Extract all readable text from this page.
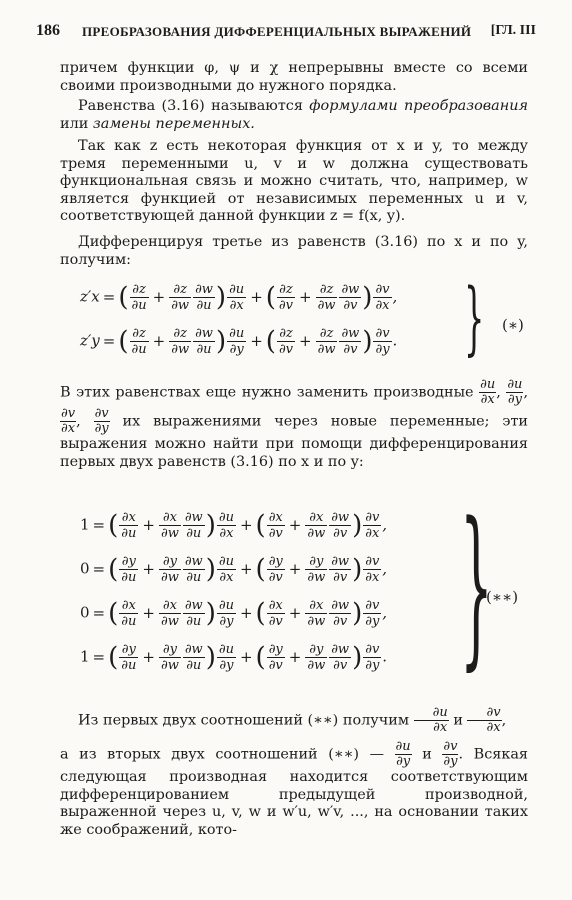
186 ПРЕОБРАЗОВАНИЯ ДИФФЕРЕНЦИАЛЬНЫХ ВЫРАЖЕНИЙ [ГЛ. III
причем функции φ, ψ и χ непрерывны вместе со всеми своими производными до нужного порядка.
Равенства (3.16) называются формулами преобразования или замены переменных.
Так как z есть некоторая функция от x и y, то между тремя переменными u, v и w должна существовать функциональная связь и можно считать, что, например, w является функцией от независимых переменных u и v, соответствующей данной функции z = f(x, y).
Дифференцируя третье из равенств (3.16) по x и по y, получим:
z′x = ( $\frac{\partial z}{\partial u} + \frac{\partial z}{\partial w} \frac{\partial w}{\partial u}$ ) $\frac{\partial u}{\partial x}$ + ( $\frac{\partial z}{\partial v} + \frac{\partial z}{\partial w} \frac{\partial w}{\partial v}$ ) $\frac{\partial v}{\partial x}$ ,
z′y = ( $\frac{\partial z}{\partial u} + \frac{\partial z}{\partial w} \frac{\partial w}{\partial u}$ ) $\frac{\partial u}{\partial y}$ + ( $\frac{\partial z}{\partial v} + \frac{\partial z}{\partial w} \frac{\partial w}{\partial v}$ ) $\frac{\partial v}{\partial y}$ . } (∗)
В этих равенствах еще нужно заменить производные $\frac{\partial u}{\partial x}$ , $\frac{\partial u}{\partial y}$ ,
$\frac{\partial v}{\partial x}$ , $\frac{\partial v}{\partial y}$ их выражениями через новые переменные; эти выражения можно найти при помощи дифференцирования первых двух равенств (3.16) по x и по y:
1 = ( $\frac{\partial x}{\partial u} + \frac{\partial x}{\partial w} \frac{\partial w}{\partial u}$ ) $\frac{\partial u}{\partial x}$ + ( $\frac{\partial x}{\partial v} + \frac{\partial x}{\partial w} \frac{\partial w}{\partial v}$ ) $\frac{\partial v}{\partial x}$ ,
0 = ( $\frac{\partial y}{\partial u} + \frac{\partial y}{\partial w} \frac{\partial w}{\partial u}$ ) $\frac{\partial u}{\partial x}$ + ( $\frac{\partial y}{\partial v} + \frac{\partial y}{\partial w} \frac{\partial w}{\partial v}$ ) $\frac{\partial v}{\partial x}$ ,
0 = ( $\frac{\partial x}{\partial u} + \frac{\partial x}{\partial w} \frac{\partial w}{\partial u}$ ) $\frac{\partial u}{\partial y}$ + ( $\frac{\partial x}{\partial v} + \frac{\partial x}{\partial w} \frac{\partial w}{\partial v}$ ) $\frac{\partial v}{\partial y}$ ,
1 = ( $\frac{\partial y}{\partial u} + \frac{\partial y}{\partial w} \frac{\partial w}{\partial u}$ ) $\frac{\partial u}{\partial y}$ + ( $\frac{\partial y}{\partial v} + \frac{\partial y}{\partial w} \frac{\partial w}{\partial v}$ ) $\frac{\partial v}{\partial y}$ . }
(∗∗)
Из первых двух соотношений (∗∗) получим $\frac{\partial u}{\partial x}$ и $\frac{\partial v}{\partial x}$ ,
а из вторых двух соотношений (∗∗) — $\frac{\partial u}{\partial y}$ и $\frac{\partial v}{\partial y}$ . Всякая следующая производная находится соответствующим дифференцированием предыдущей производной, выраженной через u, v, w и w′u, w′v, ..., на основании таких же соображений, кото-
